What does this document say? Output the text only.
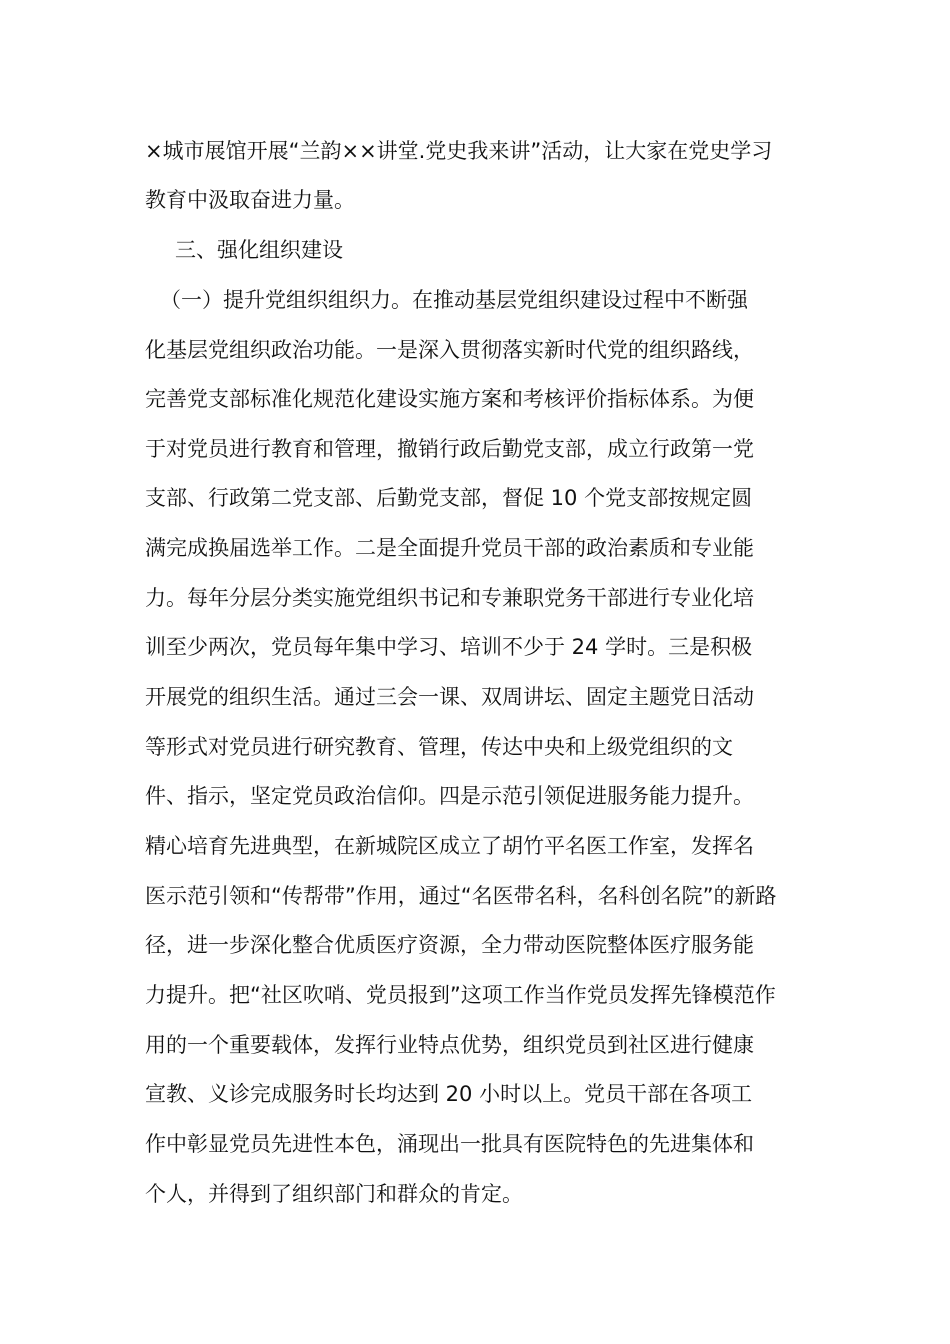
×城市展馆开展“兰韵××讲堂.党史我来讲”活动，让大家在党史学习
教育中汲取奋进力量。
三、强化组织建设
（一）提升党组织组织力。在推动基层党组织建设过程中不断强
化基层党组织政治功能。一是深入贯彻落实新时代党的组织路线，
完善党支部标准化规范化建设实施方案和考核评价指标体系。为便
于对党员进行教育和管理，撤销行政后勤党支部，成立行政第一党
支部、行政第二党支部、后勤党支部，督促 10 个党支部按规定圆
满完成换届选举工作。二是全面提升党员干部的政治素质和专业能
力。每年分层分类实施党组织书记和专兼职党务干部进行专业化培
训至少两次，党员每年集中学习、培训不少于 24 学时。三是积极
开展党的组织生活。通过三会一课、双周讲坛、固定主题党日活动
等形式对党员进行研究教育、管理，传达中央和上级党组织的文
件、指示，坚定党员政治信仰。四是示范引领促进服务能力提升。
精心培育先进典型，在新城院区成立了胡竹平名医工作室，发挥名
医示范引领和“传帮带”作用，通过“名医带名科，名科创名院”的新路
径，进一步深化整合优质医疗资源，全力带动医院整体医疗服务能
力提升。把“社区吹哨、党员报到”这项工作当作党员发挥先锋模范作
用的一个重要载体，发挥行业特点优势，组织党员到社区进行健康
宣教、义诊完成服务时长均达到 20 小时以上。党员干部在各项工
作中彰显党员先进性本色，涌现出一批具有医院特色的先进集体和
个人，并得到了组织部门和群众的肯定。
